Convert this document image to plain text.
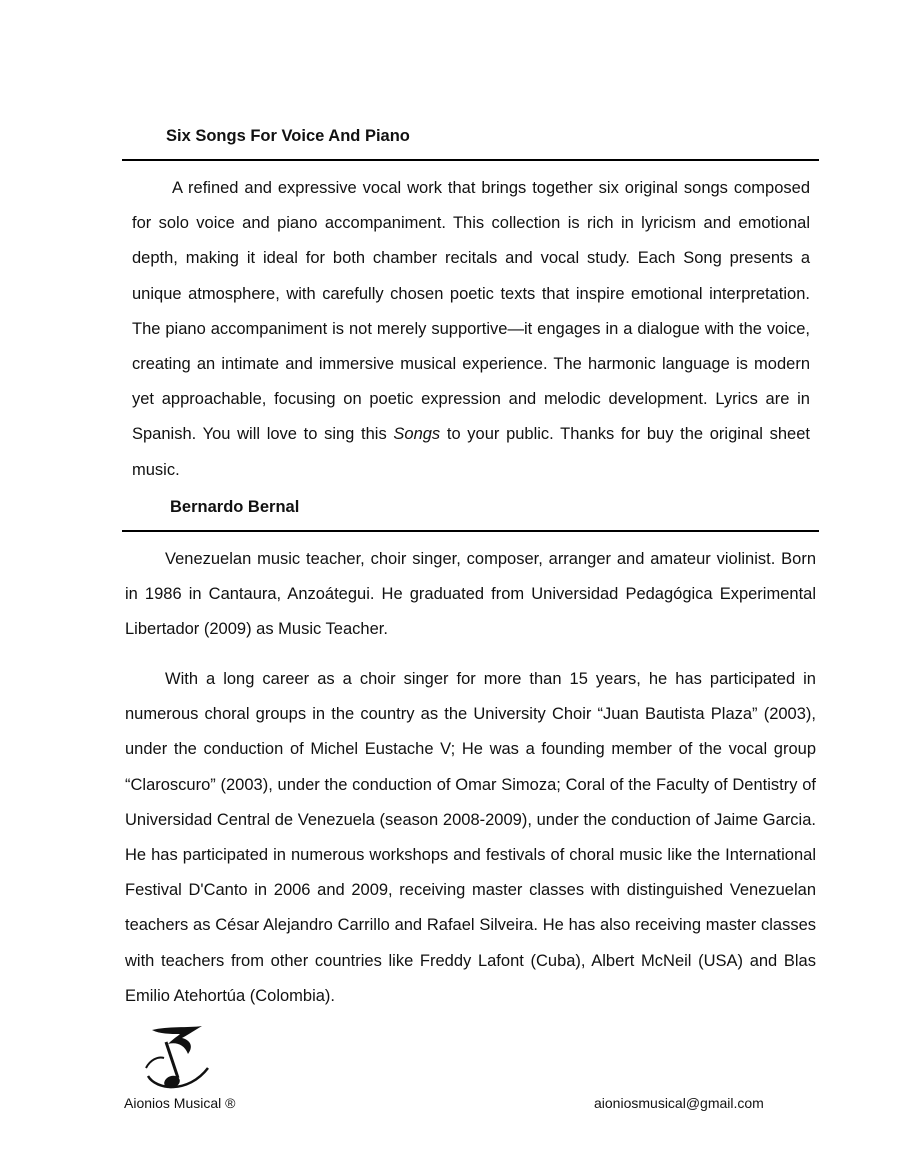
Six Songs For Voice And Piano

A refined and expressive vocal work that brings together six original songs composed for solo voice and piano accompaniment. This collection is rich in lyricism and emotional depth, making it ideal for both chamber recitals and vocal study. Each Song presents a unique atmosphere, with carefully chosen poetic texts that inspire emotional interpretation. The piano accompaniment is not merely supportive—it engages in a dialogue with the voice, creating an intimate and immersive musical experience. The harmonic language is modern yet approachable, focusing on poetic expression and melodic development. Lyrics are in Spanish. You will love to sing this Songs to your public. Thanks for buy the original sheet music.

Bernardo Bernal

Venezuelan music teacher, choir singer, composer, arranger and amateur violinist. Born in 1986 in Cantaura, Anzoátegui. He graduated from Universidad Pedagógica Experimental Libertador (2009) as Music Teacher.

With a long career as a choir singer for more than 15 years, he has participated in numerous choral groups in the country as the University Choir “Juan Bautista Plaza” (2003), under the conduction of Michel Eustache V; He was a founding member of the vocal group “Claroscuro” (2003), under the conduction of Omar Simoza; Coral of the Faculty of Dentistry of Universidad Central de Venezuela (season 2008-2009), under the conduction of Jaime Garcia. He has participated in numerous workshops and festivals of choral music like the International Festival D'Canto in 2006 and 2009, receiving master classes with distinguished Venezuelan teachers as César Alejandro Carrillo and Rafael Silveira. He has also receiving master classes with teachers from other countries like Freddy Lafont (Cuba), Albert McNeil (USA) and Blas Emilio Atehortúa (Colombia).

Aionios Musical ®	aioniosmusical@gmail.com
